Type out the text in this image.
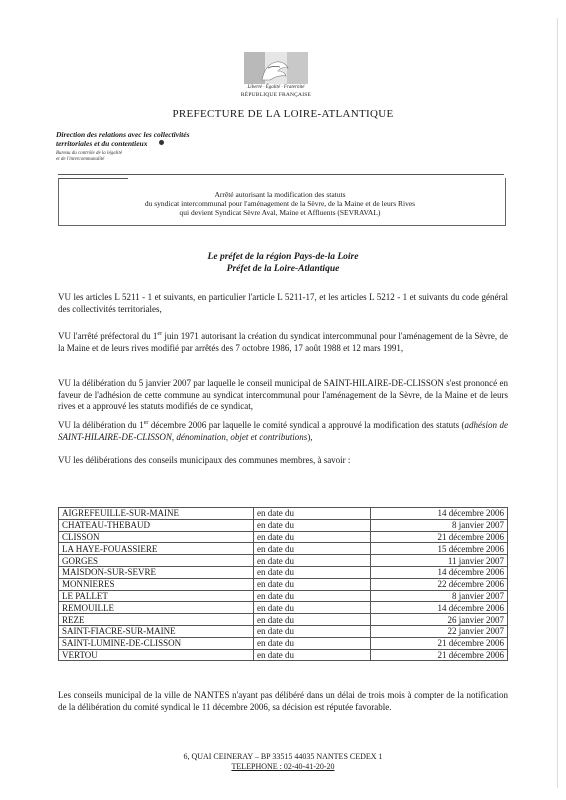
Liberté · Égalité · Fraternité
RÉPUBLIQUE FRANÇAISE
PREFECTURE DE LA LOIRE-ATLANTIQUE
Direction des relations avec les collectivités
territoriales et du contentieux
Bureau du contrôle de la légalité
et de l'intercommunalité
Arrêté autorisant la modification des statuts
du syndicat intercommunal pour l'aménagement de la Sèvre, de la Maine et de leurs Rives
qui devient Syndicat Sèvre Aval, Maine et Affluents (SEVRAVAL)
Le préfet de la région Pays-de-la Loire
Préfet de la Loire-Atlantique
VU les articles L 5211 - 1 et suivants, en particulier l'article L 5211-17, et les articles L 5212 - 1 et suivants du code général des collectivités territoriales,
VU l'arrêté préfectoral du 1er juin 1971 autorisant la création du syndicat intercommunal pour l'aménagement de la Sèvre, de la Maine et de leurs rives modifié par arrêtés des 7 octobre 1986, 17 août 1988 et 12 mars 1991,
VU la délibération du 5 janvier 2007 par laquelle le conseil municipal de SAINT-HILAIRE-DE-CLISSON s'est prononcé en faveur de l'adhésion de cette commune au syndicat intercommunal pour l'aménagement de la Sèvre, de la Maine et de leurs rives et a approuvé les statuts modifiés de ce syndicat,
VU la délibération du 1er décembre 2006 par laquelle le comité syndical a approuvé la modification des statuts (adhésion de SAINT-HILAIRE-DE-CLISSON, dénomination, objet et contributions),
VU les délibérations des conseils municipaux des communes membres, à savoir :
AIGREFEUILLE-SUR-MAINE	en date du	14 décembre 2006
CHATEAU-THEBAUD	en date du	8 janvier 2007
CLISSON	en date du	21 décembre 2006
LA HAYE-FOUASSIERE	en date du	15 décembre 2006
GORGES	en date du	11 janvier 2007
MAISDON-SUR-SEVRE	en date du	14 décembre 2006
MONNIERES	en date du	22 décembre 2006
LE PALLET	en date du	8 janvier 2007
REMOUILLE	en date du	14 décembre 2006
REZE	en date du	26 janvier 2007
SAINT-FIACRE-SUR-MAINE	en date du	22 janvier 2007
SAINT-LUMINE-DE-CLISSON	en date du	21 décembre 2006
VERTOU	en date du	21 décembre 2006
Les conseils municipal de la ville de NANTES n'ayant pas délibéré dans un délai de trois mois à compter de la notification de la délibération du comité syndical le 11 décembre 2006, sa décision est réputée favorable.
6, QUAI CEINERAY – BP 33515 44035 NANTES CEDEX 1
TELEPHONE : 02-40-41-20-20
